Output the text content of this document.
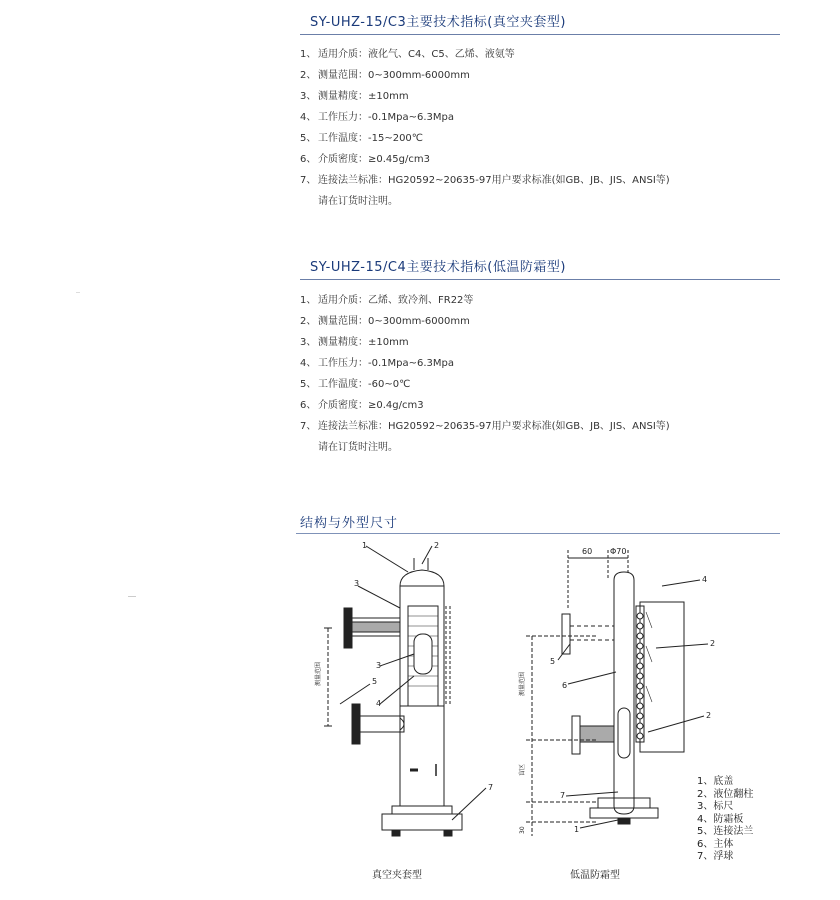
SY-UHZ-15/C3主要技术指标(真空夹套型)
1、 适用介质：液化气、C4、C5、乙烯、液氨等
2、 测量范围：0~300mm-6000mm
3、 测量精度：±10mm
4、 工作压力：-0.1Mpa~6.3Mpa
5、 工作温度：-15~200℃
6、 介质密度：≥0.45g/cm3
7、 连接法兰标准：HG20592~20635-97用户要求标准(如GB、JB、JIS、ANSI等)
请在订货时注明。
SY-UHZ-15/C4主要技术指标(低温防霜型)
1、 适用介质：乙烯、致冷剂、FR22等
2、 测量范围：0~300mm-6000mm
3、 测量精度：±10mm
4、 工作压力：-0.1Mpa~6.3Mpa
5、 工作温度：-60~0℃
6、 介质密度：≥0.4g/cm3
7、 连接法兰标准：HG20592~20635-97用户要求标准(如GB、JB、JIS、ANSI等)
请在订货时注明。
结构与外型尺寸
1	2
3
3
4
5
7
测量范围
4
2
5
6
2
7
1
60 Φ70
测量范围
盲区
30
1、底盖
2、液位翻柱
3、标尺
4、防霜板
5、连接法兰
6、主体
7、浮球
真空夹套型	低温防霜型
